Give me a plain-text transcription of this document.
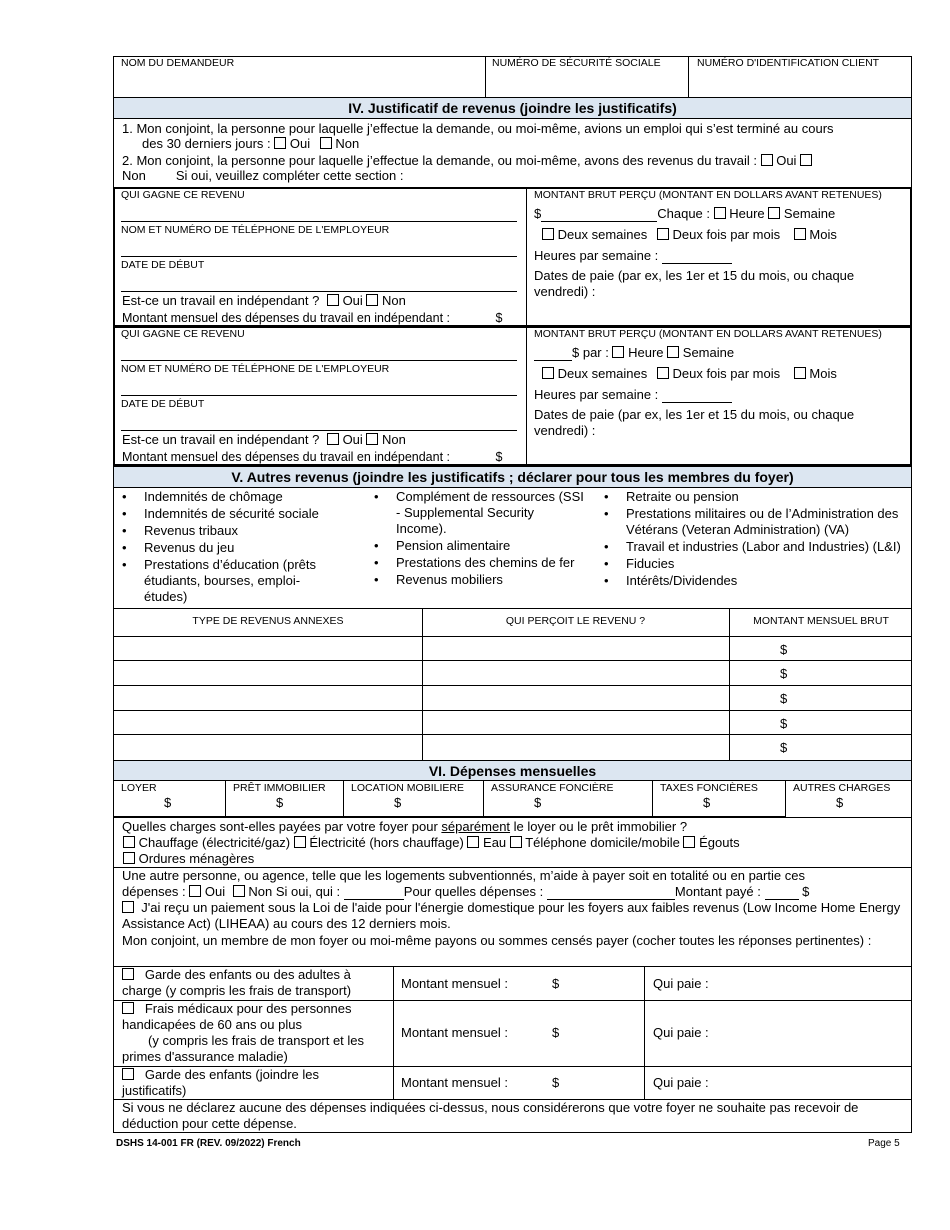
NOM DU DEMANDEUR	NUMÉRO DE SÉCURITÉ SOCIALE	NUMÉRO D'IDENTIFICATION CLIENT
IV. Justificatif de revenus (joindre les justificatifs)
1. Mon conjoint, la personne pour laquelle j’effectue la demande, ou moi-même, avions un emploi qui s’est terminé au cours
des 30 derniers jours : Oui Non
2. Mon conjoint, la personne pour laquelle j’effectue la demande, ou moi-même, avons des revenus du travail : Oui
Non Si oui, veuillez compléter cette section :
QUI GAGNE CE REVENU
NOM ET NUMÉRO DE TÉLÉPHONE DE L'EMPLOYEUR
DATE DE DÉBUT
Est-ce un travail en indépendant ? Oui Non
Montant mensuel des dépenses du travail en indépendant :	$
MONTANT BRUT PERÇU (MONTANT EN DOLLARS AVANT RETENUES)
$	Chaque : Heure Semaine
Deux semaines Deux fois par mois Mois
Heures par semaine :
Dates de paie (par ex, les 1er et 15 du mois, ou chaque vendredi) :
QUI GAGNE CE REVENU
NOM ET NUMÉRO DE TÉLÉPHONE DE L'EMPLOYEUR
DATE DE DÉBUT
Est-ce un travail en indépendant ? Oui Non
Montant mensuel des dépenses du travail en indépendant :	$
MONTANT BRUT PERÇU (MONTANT EN DOLLARS AVANT RETENUES)
$ par : Heure Semaine
Deux semaines Deux fois par mois Mois
Heures par semaine :
Dates de paie (par ex, les 1er et 15 du mois, ou chaque vendredi) :
V. Autres revenus (joindre les justificatifs ; déclarer pour tous les membres du foyer)
• Indemnités de chômage
• Indemnités de sécurité sociale
• Revenus tribaux
• Revenus du jeu
• Prestations d’éducation (prêts étudiants, bourses, emploi-études)
• Complément de ressources (SSI - Supplemental Security Income).
• Pension alimentaire
• Prestations des chemins de fer
• Revenus mobiliers
• Retraite ou pension
• Prestations militaires ou de l’Administration des Vétérans (Veteran Administration) (VA)
• Travail et industries (Labor and Industries) (L&I)
• Fiducies
• Intérêts/Dividendes
TYPE DE REVENUS ANNEXES	QUI PERÇOIT LE REVENU ?	MONTANT MENSUEL BRUT
$
$
$
$
$
VI. Dépenses mensuelles
LOYER
$
PRÊT IMMOBILIER
$
LOCATION MOBILIERE
$
ASSURANCE FONCIÈRE
$
TAXES FONCIÈRES
$
AUTRES CHARGES
$
Quelles charges sont-elles payées par votre foyer pour séparément le loyer ou le prêt immobilier ?
Chauffage (électricité/gaz) Électricité (hors chauffage) Eau Téléphone domicile/mobile Égouts
Ordures ménagères
Une autre personne, ou agence, telle que les logements subventionnés, m’aide à payer soit en totalité ou en partie ces
dépenses : Oui Non Si oui, qui :	Pour quelles dépenses :	Montant payé :	$
J'ai reçu un paiement sous la Loi de l'aide pour l'énergie domestique pour les foyers aux faibles revenus (Low Income Home Energy Assistance Act) (LIHEAA) au cours des 12 derniers mois.
Mon conjoint, un membre de mon foyer ou moi-même payons ou sommes censés payer (cocher toutes les réponses pertinentes) :
Garde des enfants ou des adultes à charge (y compris les frais de transport)	Montant mensuel :	$	Qui paie :
Frais médicaux pour des personnes handicapées de 60 ans ou plus
(y compris les frais de transport et les primes d'assurance maladie)
Montant mensuel :	$	Qui paie :
Garde des enfants (joindre les justificatifs)
Montant mensuel :	$	Qui paie :
Si vous ne déclarez aucune des dépenses indiquées ci-dessus, nous considérerons que votre foyer ne souhaite pas recevoir de déduction pour cette dépense.
DSHS 14-001 FR (REV. 09/2022) French	Page 5
